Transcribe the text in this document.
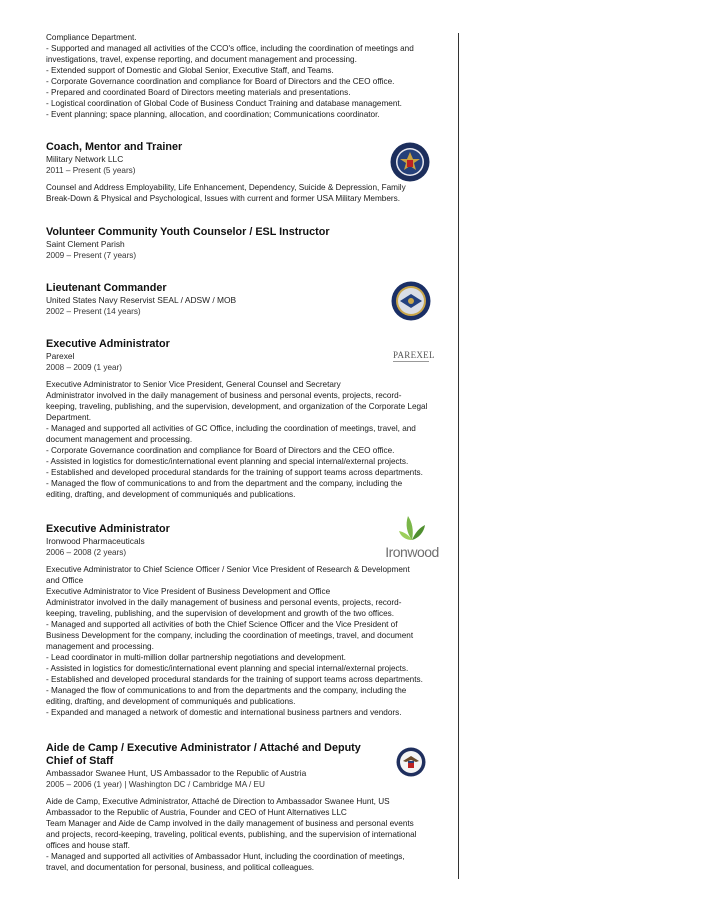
Compliance Department.
- Supported and managed all activities of the CCO's office, including the coordination of meetings and
investigations, travel, expense reporting, and document management and processing.
- Extended support of Domestic and Global Senior, Executive Staff, and Teams.
- Corporate Governance coordination and compliance for Board of Directors and the CEO office.
- Prepared and coordinated Board of Directors meeting materials and presentations.
- Logistical coordination of Global Code of Business Conduct Training and database management.
- Event planning; space planning, allocation, and coordination; Communications coordinator.
Coach, Mentor and Trainer
Military Network LLC
2011 – Present (5 years)
Counsel and Address Employability, Life Enhancement, Dependency, Suicide & Depression, Family
Break-Down & Physical and Psychological, Issues with current and former USA Military Members.
Volunteer Community Youth Counselor / ESL Instructor
Saint Clement Parish
2009 – Present (7 years)
Lieutenant Commander
United States Navy Reservist SEAL / ADSW / MOB
2002 – Present (14 years)
Executive Administrator
Parexel
2008 – 2009 (1 year)
Executive Administrator to Senior Vice President, General Counsel and Secretary
Administrator involved in the daily management of business and personal events, projects, record-
keeping, traveling, publishing, and the supervision, development, and organization of the Corporate Legal
Department.
- Managed and supported all activities of GC Office, including the coordination of meetings, travel, and
document management and processing.
- Corporate Governance coordination and compliance for Board of Directors and the CEO office.
- Assisted in logistics for domestic/international event planning and special internal/external projects.
- Established and developed procedural standards for the training of support teams across departments.
- Managed the flow of communications to and from the department and the company, including the
editing, drafting, and development of communiqués and publications.
PAREXEL
Executive Administrator
Ironwood Pharmaceuticals
2006 – 2008 (2 years)
Executive Administrator to Chief Science Officer / Senior Vice President of Research & Development
and Office
Executive Administrator to Vice President of Business Development and Office
Administrator involved in the daily management of business and personal events, projects, record-
keeping, traveling, publishing, and the supervision of development and growth of the two offices.
- Managed and supported all activities of both the Chief Science Officer and the Vice President of
Business Development for the company, including the coordination of meetings, travel, and document
management and processing.
- Lead coordinator in multi-million dollar partnership negotiations and development.
- Assisted in logistics for domestic/international event planning and special internal/external projects.
- Established and developed procedural standards for the training of support teams across departments.
- Managed the flow of communications to and from the departments and the company, including the
editing, drafting, and development of communiqués and publications.
- Expanded and managed a network of domestic and international business partners and vendors.
Ironwood
Aide de Camp / Executive Administrator / Attaché and Deputy
Chief of Staff
Ambassador Swanee Hunt, US Ambassador to the Republic of Austria
2005 – 2006 (1 year) | Washington DC / Cambridge MA / EU
Aide de Camp, Executive Administrator, Attaché de Direction to Ambassador Swanee Hunt, US
Ambassador to the Republic of Austria, Founder and CEO of Hunt Alternatives LLC
Team Manager and Aide de Camp involved in the daily management of business and personal events
and projects, record-keeping, traveling, political events, publishing, and the supervision of international
offices and house staff.
- Managed and supported all activities of Ambassador Hunt, including the coordination of meetings,
travel, and documentation for personal, business, and political colleagues.
